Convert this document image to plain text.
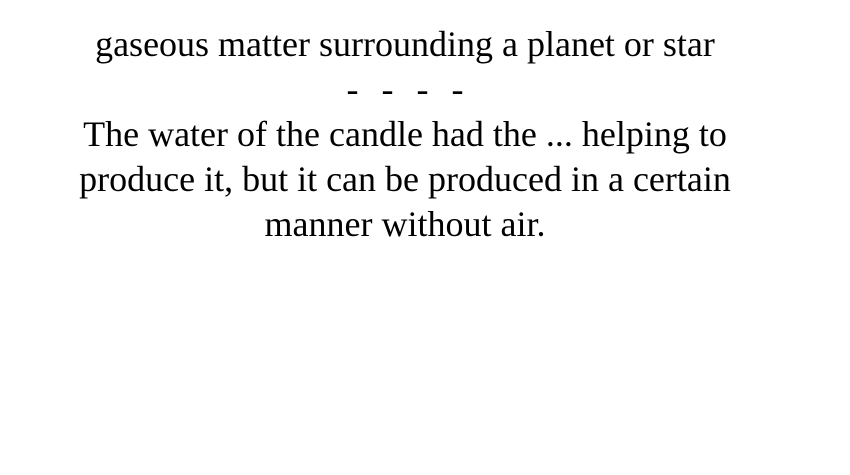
gaseous matter surrounding a planet or star
- - - -
The water of the candle had the ... helping to
produce it, but it can be produced in a certain
manner without air.
